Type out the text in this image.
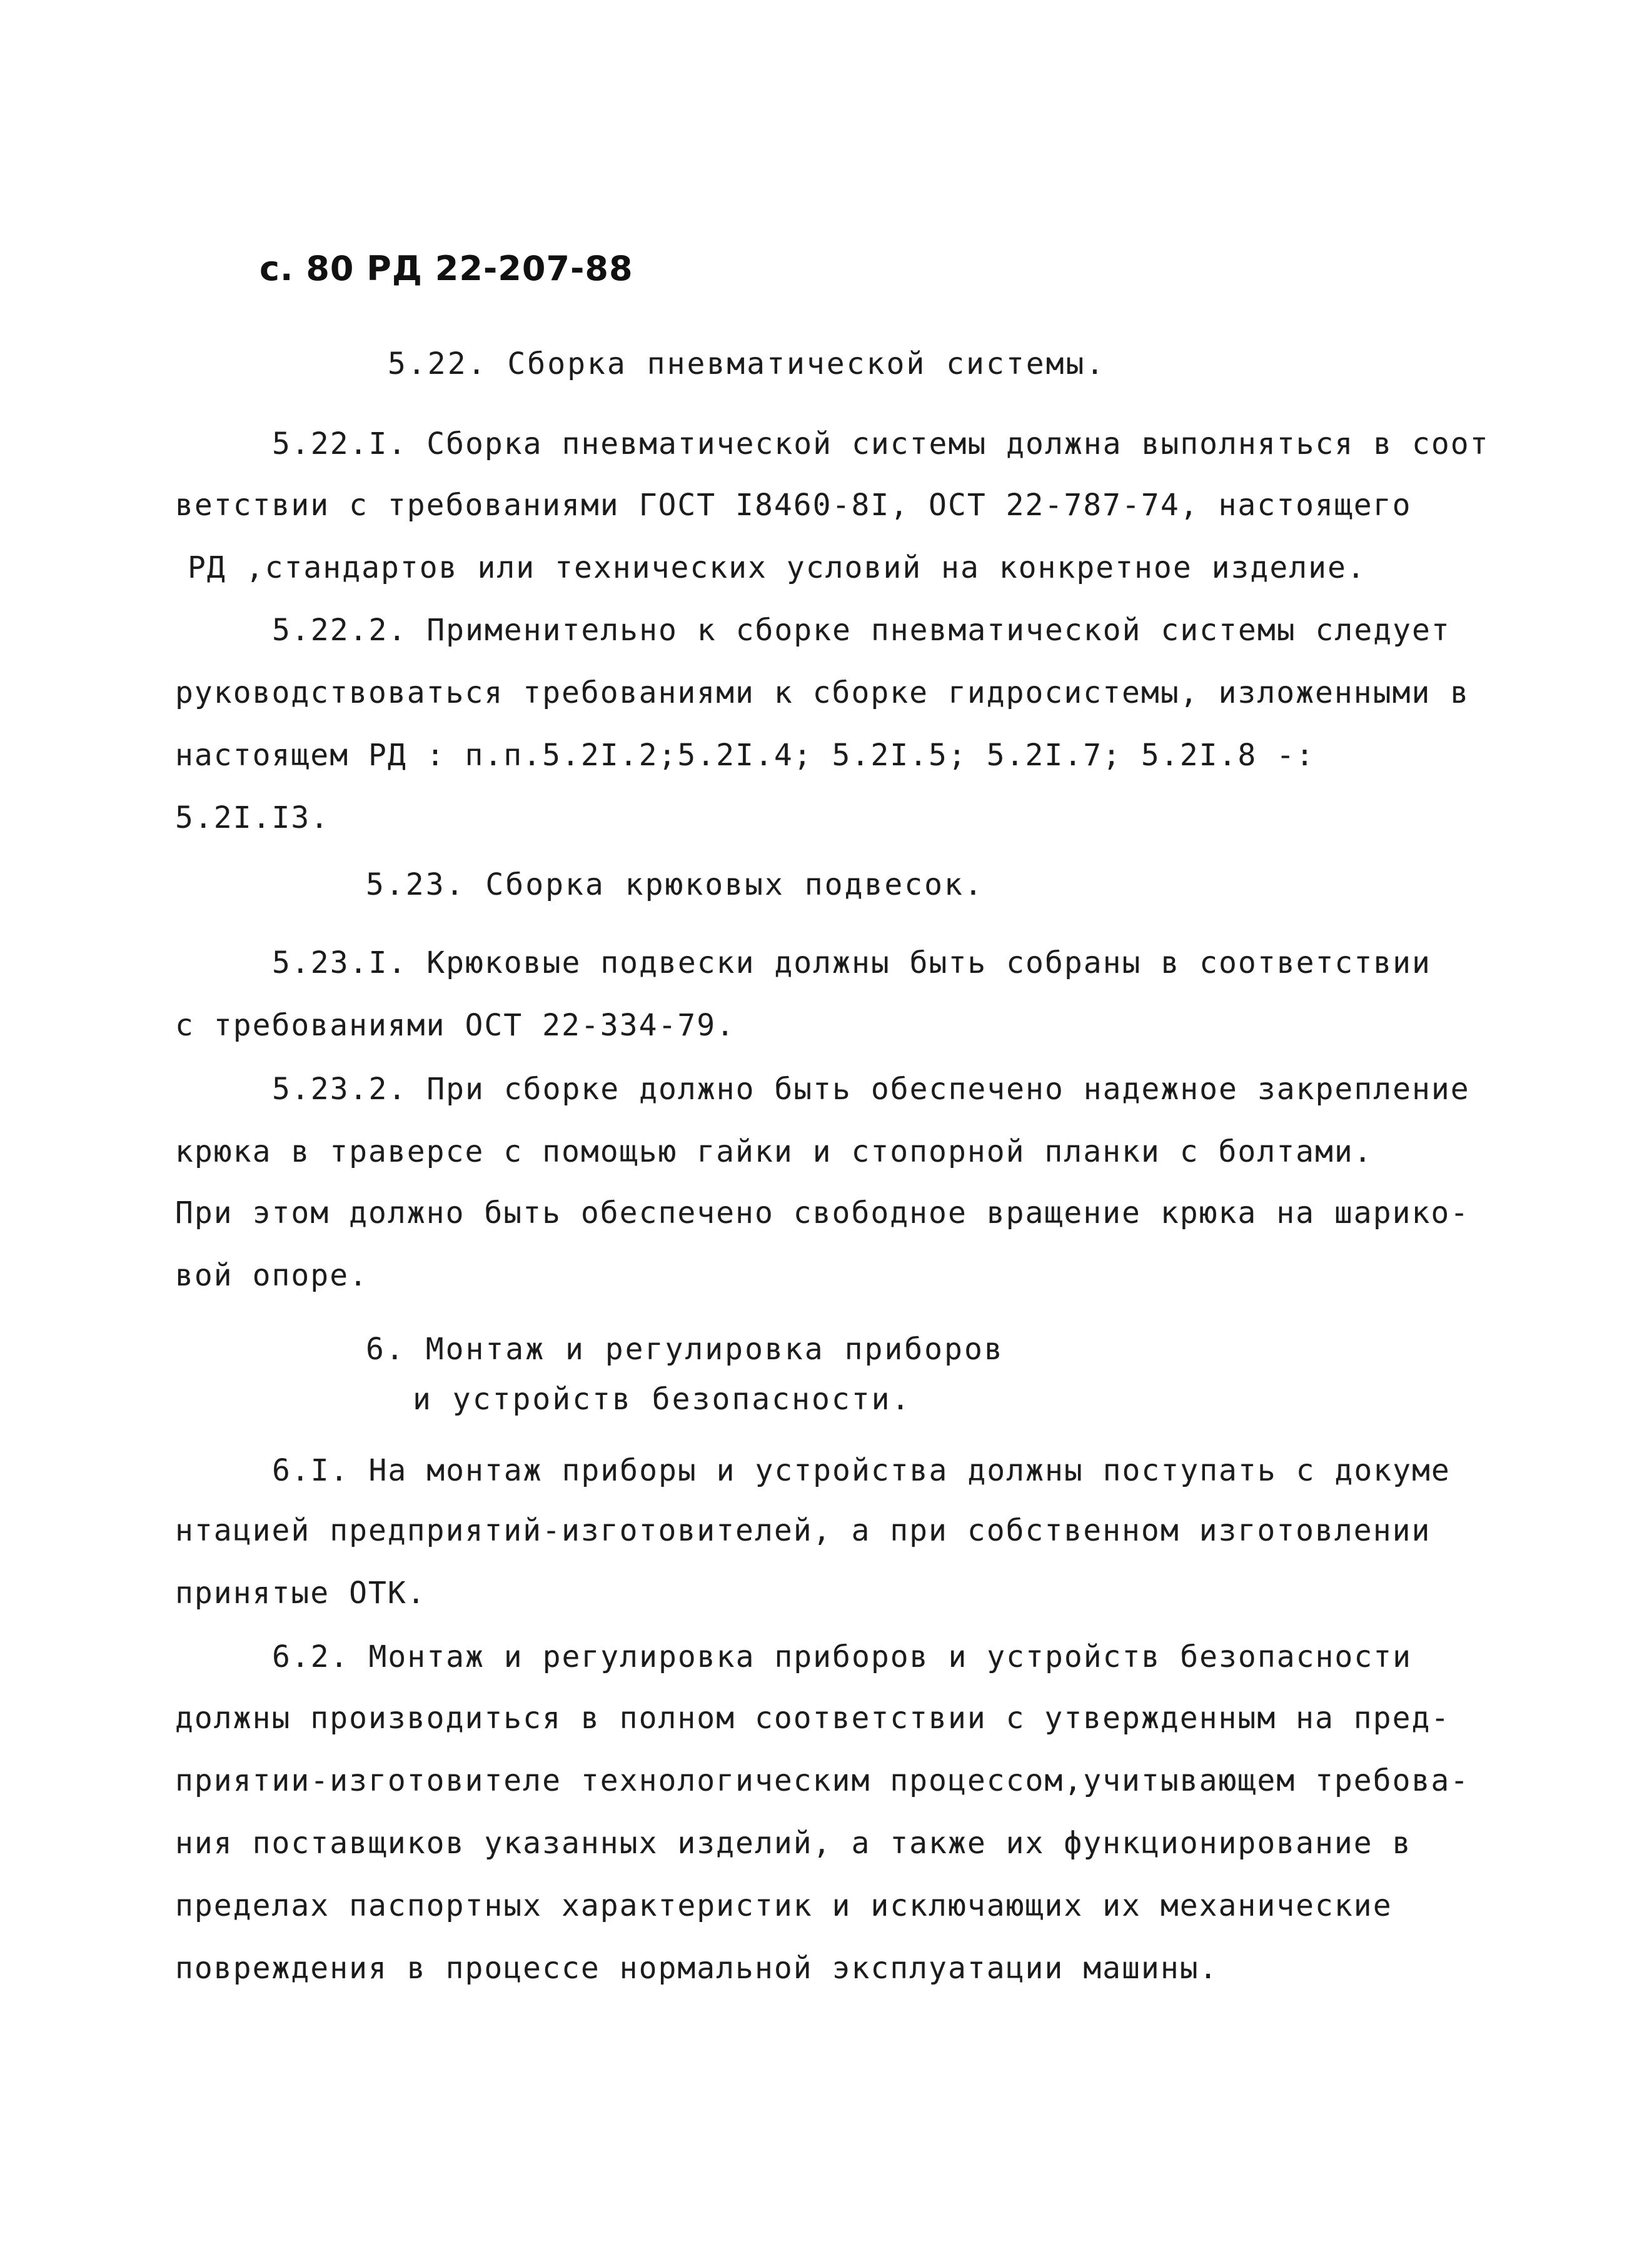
с. 80 РД 22-207-88
5.22. Сборка пневматической системы.
5.22.I. Сборка пневматической системы должна выполняться в соот
ветствии с требованиями ГОСТ I8460-8I, ОСТ 22-787-74, настоящего
РД ,стандартов или технических условий на конкретное изделие.
5.22.2. Применительно к сборке пневматической системы следует
руководствоваться требованиями к сборке гидросистемы, изложенными в
настоящем РД : п.п.5.2I.2;5.2I.4; 5.2I.5; 5.2I.7; 5.2I.8 -:
5.2I.I3.
5.23. Сборка крюковых подвесок.
5.23.I. Крюковые подвески должны быть собраны в соответствии
с требованиями ОСТ 22-334-79.
5.23.2. При сборке должно быть обеспечено надежное закрепление
крюка в траверсе с помощью гайки и стопорной планки с болтами.
При этом должно быть обеспечено свободное вращение крюка на шарико-
вой опоре.
6. Монтаж и регулировка приборов
и устройств безопасности.
6.I. На монтаж приборы и устройства должны поступать с докуме
нтацией предприятий-изготовителей, а при собственном изготовлении
принятые ОТК.
6.2. Монтаж и регулировка приборов и устройств безопасности
должны производиться в полном соответствии с утвержденным на пред-
приятии-изготовителе технологическим процессом,учитывающем требова-
ния поставщиков указанных изделий, а также их функционирование в
пределах паспортных характеристик и исключающих их механические
повреждения в процессе нормальной эксплуатации машины.
